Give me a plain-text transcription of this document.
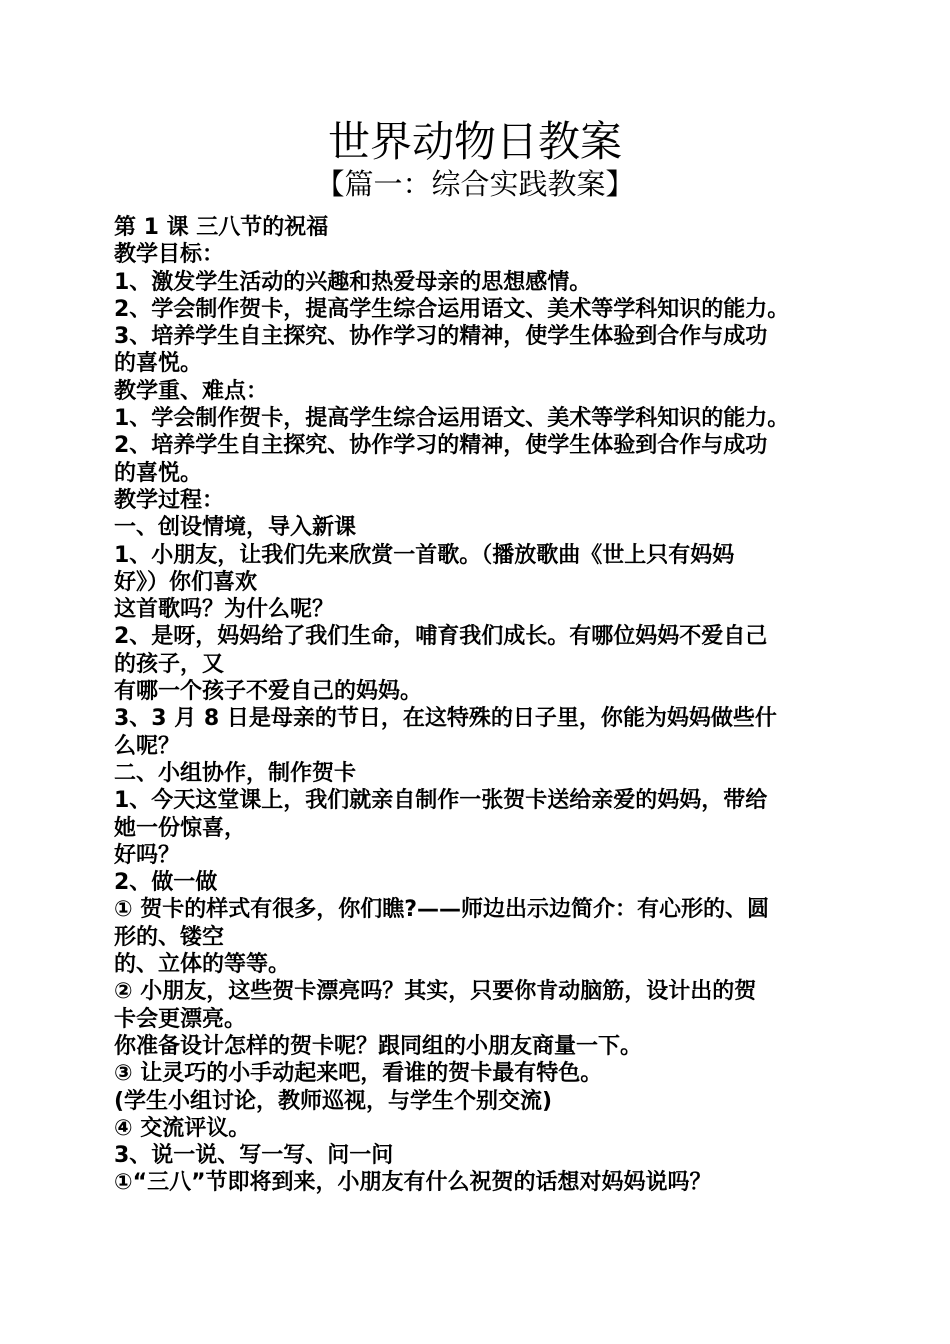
世界动物日教案
【篇一：综合实践教案】
第 1 课 三八节的祝福
教学目标：
1、激发学生活动的兴趣和热爱母亲的思想感情。
2、学会制作贺卡，提高学生综合运用语文、美术等学科知识的能力。
3、培养学生自主探究、协作学习的精神，使学生体验到合作与成功
的喜悦。
教学重、难点：
1、学会制作贺卡，提高学生综合运用语文、美术等学科知识的能力。
2、培养学生自主探究、协作学习的精神，使学生体验到合作与成功
的喜悦。
教学过程：
一、创设情境，导入新课
1、小朋友，让我们先来欣赏一首歌。（播放歌曲《世上只有妈妈
好》）你们喜欢
这首歌吗？为什么呢？
2、是呀，妈妈给了我们生命，哺育我们成长。有哪位妈妈不爱自己
的孩子，又
有哪一个孩子不爱自己的妈妈。
3、3 月 8 日是母亲的节日，在这特殊的日子里，你能为妈妈做些什
么呢？
二、小组协作，制作贺卡
1、今天这堂课上，我们就亲自制作一张贺卡送给亲爱的妈妈，带给
她一份惊喜，
好吗？
2、做一做
① 贺卡的样式有很多，你们瞧?——师边出示边简介：有心形的、圆
形的、镂空
的、立体的等等。
② 小朋友，这些贺卡漂亮吗？其实，只要你肯动脑筋，设计出的贺
卡会更漂亮。
你准备设计怎样的贺卡呢？跟同组的小朋友商量一下。
③ 让灵巧的小手动起来吧，看谁的贺卡最有特色。
(学生小组讨论，教师巡视，与学生个别交流)
④ 交流评议。
3、说一说、写一写、问一问
①“三八”节即将到来，小朋友有什么祝贺的话想对妈妈说吗？
